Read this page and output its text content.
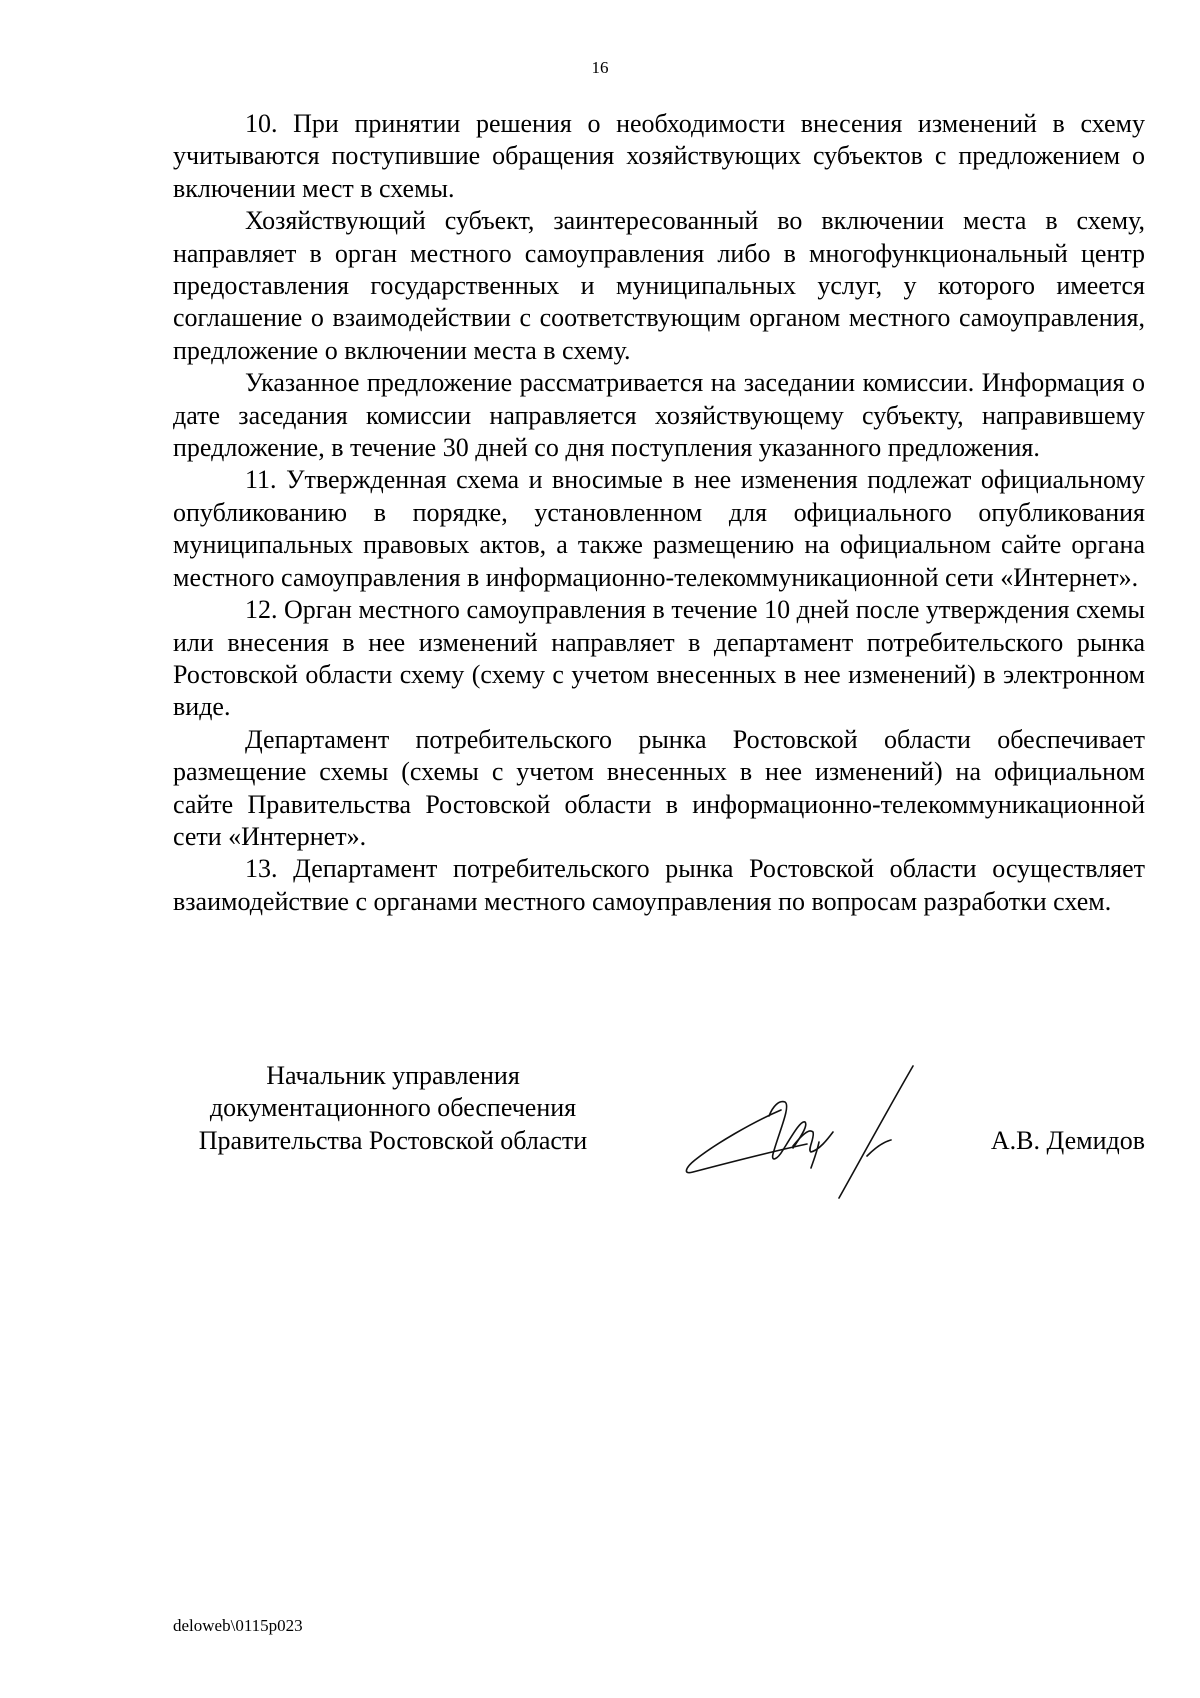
16

10. При принятии решения о необходимости внесения изменений в схему учитываются поступившие обращения хозяйствующих субъектов с предложением о включении мест в схемы.

Хозяйствующий субъект, заинтересованный во включении места в схему, направляет в орган местного самоуправления либо в многофункциональный центр предоставления государственных и муниципальных услуг, у которого имеется соглашение о взаимодействии с соответствующим органом местного самоуправления, предложение о включении места в схему.

Указанное предложение рассматривается на заседании комиссии. Информация о дате заседания комиссии направляется хозяйствующему субъекту, направившему предложение, в течение 30 дней со дня поступления указанного предложения.

11. Утвержденная схема и вносимые в нее изменения подлежат официальному опубликованию в порядке, установленном для официального опубликования муниципальных правовых актов, а также размещению на официальном сайте органа местного самоуправления в информационно-телекоммуникационной сети «Интернет».

12. Орган местного самоуправления в течение 10 дней после утверждения схемы или внесения в нее изменений направляет в департамент потребительского рынка Ростовской области схему (схему с учетом внесенных в нее изменений) в электронном виде.

Департамент потребительского рынка Ростовской области обеспечивает размещение схемы (схемы с учетом внесенных в нее изменений) на официальном сайте Правительства Ростовской области в информационно-телекоммуникационной сети «Интернет».

13. Департамент потребительского рынка Ростовской области осуществляет взаимодействие с органами местного самоуправления по вопросам разработки схем.

Начальник управления
документационного обеспечения
Правительства Ростовской области	А.В. Демидов
deloweb\0115p023
